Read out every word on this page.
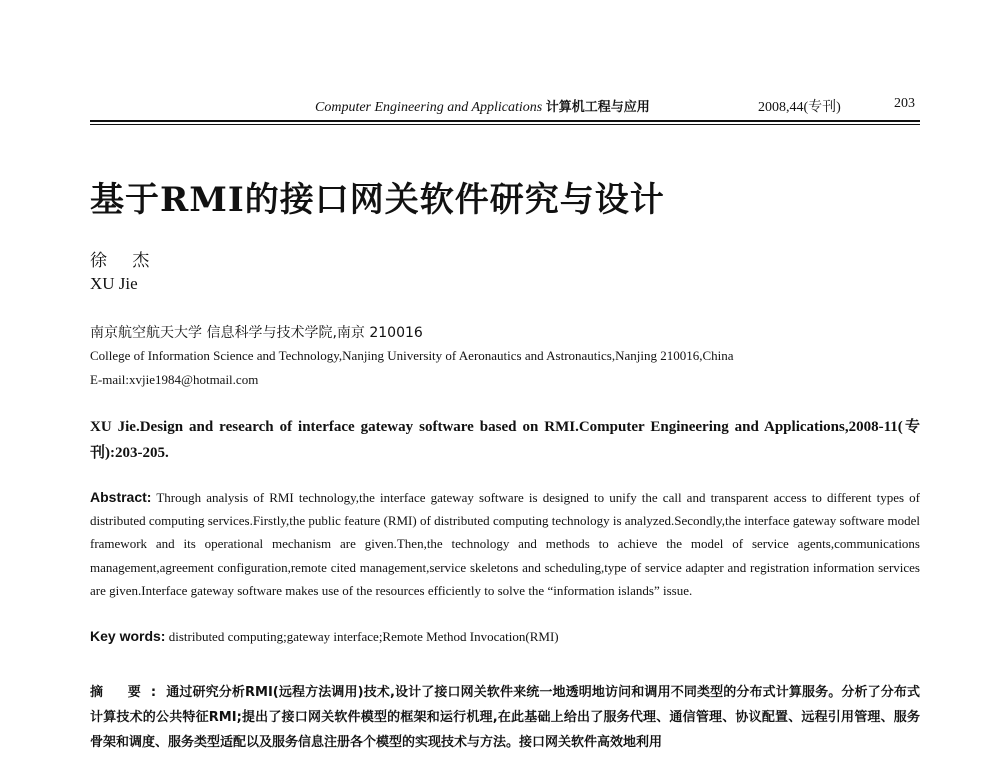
Computer Engineering and Applications 计算机工程与应用	2008,44(专刊)	203
基于RMI的接口网关软件研究与设计
徐 杰
XU Jie
南京航空航天大学 信息科学与技术学院,南京 210016
College of Information Science and Technology,Nanjing University of Aeronautics and Astronautics,Nanjing 210016,China
E-mail:xvjie1984@hotmail.com
XU Jie.Design and research of interface gateway software based on RMI.Computer Engineering and Applications,2008-11(专刊):203-205.
Abstract: Through analysis of RMI technology,the interface gateway software is designed to unify the call and transparent access to different types of distributed computing services.Firstly,the public feature (RMI) of distributed computing technology is analyzed.Secondly,the interface gateway software model framework and its operational mechanism are given.Then,the technology and methods to achieve the model of service agents,communications management,agreement configuration,remote cited management,service skeletons and scheduling,type of service adapter and registration information services are given.Interface gateway software makes use of the resources efficiently to solve the “information islands” issue.
Key words: distributed computing;gateway interface;Remote Method Invocation(RMI)
摘 要:通过研究分析RMI(远程方法调用)技术,设计了接口网关软件来统一地透明地访问和调用不同类型的分布式计算服务。分析了分布式计算技术的公共特征RMI;提出了接口网关软件模型的框架和运行机理,在此基础上给出了服务代理、通信管理、协议配置、远程引用管理、服务骨架和调度、服务类型适配以及服务信息注册各个模型的实现技术与方法。接口网关软件高效地利用
